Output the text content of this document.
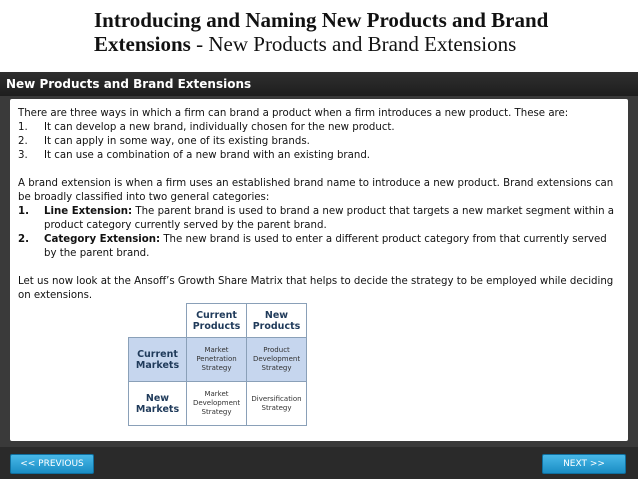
Introducing and Naming New Products and Brand Extensions - New Products and Brand Extensions
New Products and Brand Extensions

There are three ways in which a firm can brand a product when a firm introduces a new product. These are:

1. It can develop a new brand, individually chosen for the new product.
2. It can apply in some way, one of its existing brands.
3. It can use a combination of a new brand with an existing brand.

A brand extension is when a firm uses an established brand name to introduce a new product. Brand extensions can be broadly classified into two general categories:

1. Line Extension: The parent brand is used to brand a new product that targets a new market segment within a product category currently served by the parent brand.
2. Category Extension: The new brand is used to enter a different product category from that currently served by the parent brand.

Let us now look at the Ansoff’s Growth Share Matrix that helps to decide the strategy to be employed while deciding on extensions.

	Current Products	New Products
Current Markets	Market Penetration Strategy	Product Development Strategy
New Markets	Market Development Strategy	Diversification Strategy
<< PREVIOUS	NEXT >>
